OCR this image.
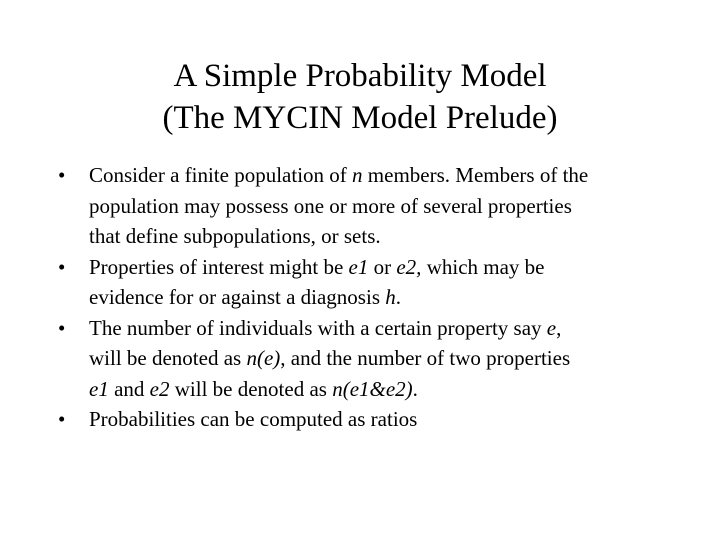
A Simple Probability Model
(The MYCIN Model Prelude)
• Consider a finite population of n members. Members of the
population may possess one or more of several properties
that define subpopulations, or sets.
• Properties of interest might be e1 or e2, which may be
evidence for or against a diagnosis h.
• The number of individuals with a certain property say e,
will be denoted as n(e), and the number of two properties
e1 and e2 will be denoted as n(e1&e2).
• Probabilities can be computed as ratios
